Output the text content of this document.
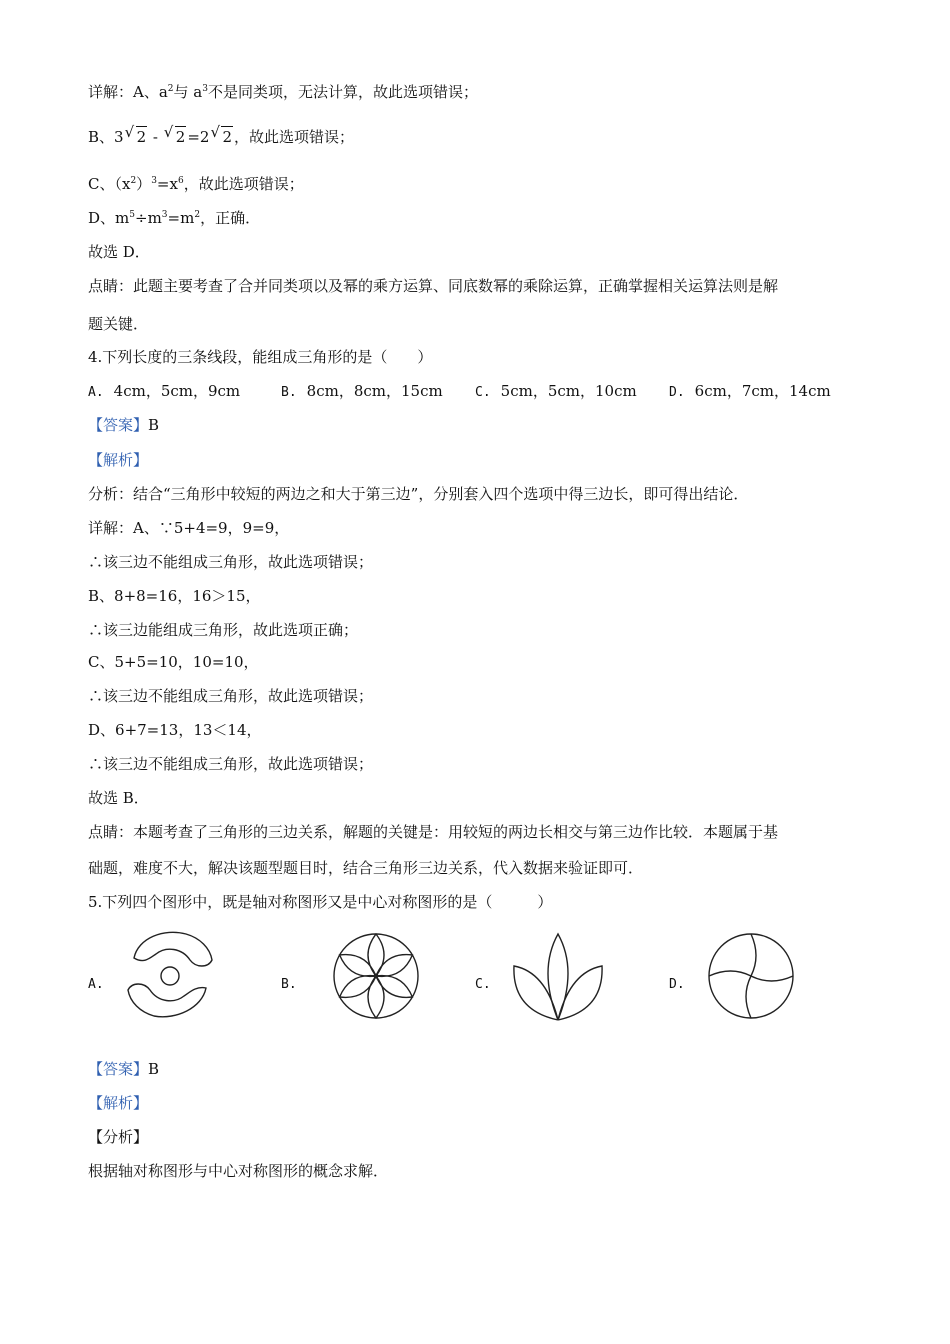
详解：A、$a^2$与 $a^3$不是同类项，无法计算，故此选项错误；
B、3 √ 2 - √ 2 =2 √ 2 ，故此选项错误；
C、$(x^2)^3=x^6$，故此选项错误；
D、$m^5\div m^3=m^2$，正确．
故选 D．
点睛：此题主要考查了合并同类项以及幂的乘方运算、同底数幂的乘除运算，正确掌握相关运算法则是解
题关键．
4.下列长度的三条线段，能组成三角形的是（　　）
A. 4cm，5cm，9cm	B. 8cm，8cm，15cm C. 5cm，5cm，10cm D. 6cm，7cm，14cm
【答案】B
【解析】
分析：结合“三角形中较短的两边之和大于第三边”，分别套入四个选项中得三边长，即可得出结论．
详解：A、∵5+4=9，9=9，
∴该三边不能组成三角形，故此选项错误；
B、8+8=16，16＞15，
∴该三边能组成三角形，故此选项正确；
C、5+5=10，10=10，
∴该三边不能组成三角形，故此选项错误；
D、6+7=13，13＜14，
∴该三边不能组成三角形，故此选项错误；
故选 B．
点睛：本题考查了三角形的三边关系，解题的关键是：用较短的两边长相交与第三边作比较．本题属于基
础题，难度不大，解决该题型题目时，结合三角形三边关系，代入数据来验证即可．
5.下列四个图形中，既是轴对称图形又是中心对称图形的是（　　　）
A.	B.	C.	D.
【答案】B
【解析】
【分析】
根据轴对称图形与中心对称图形的概念求解．
